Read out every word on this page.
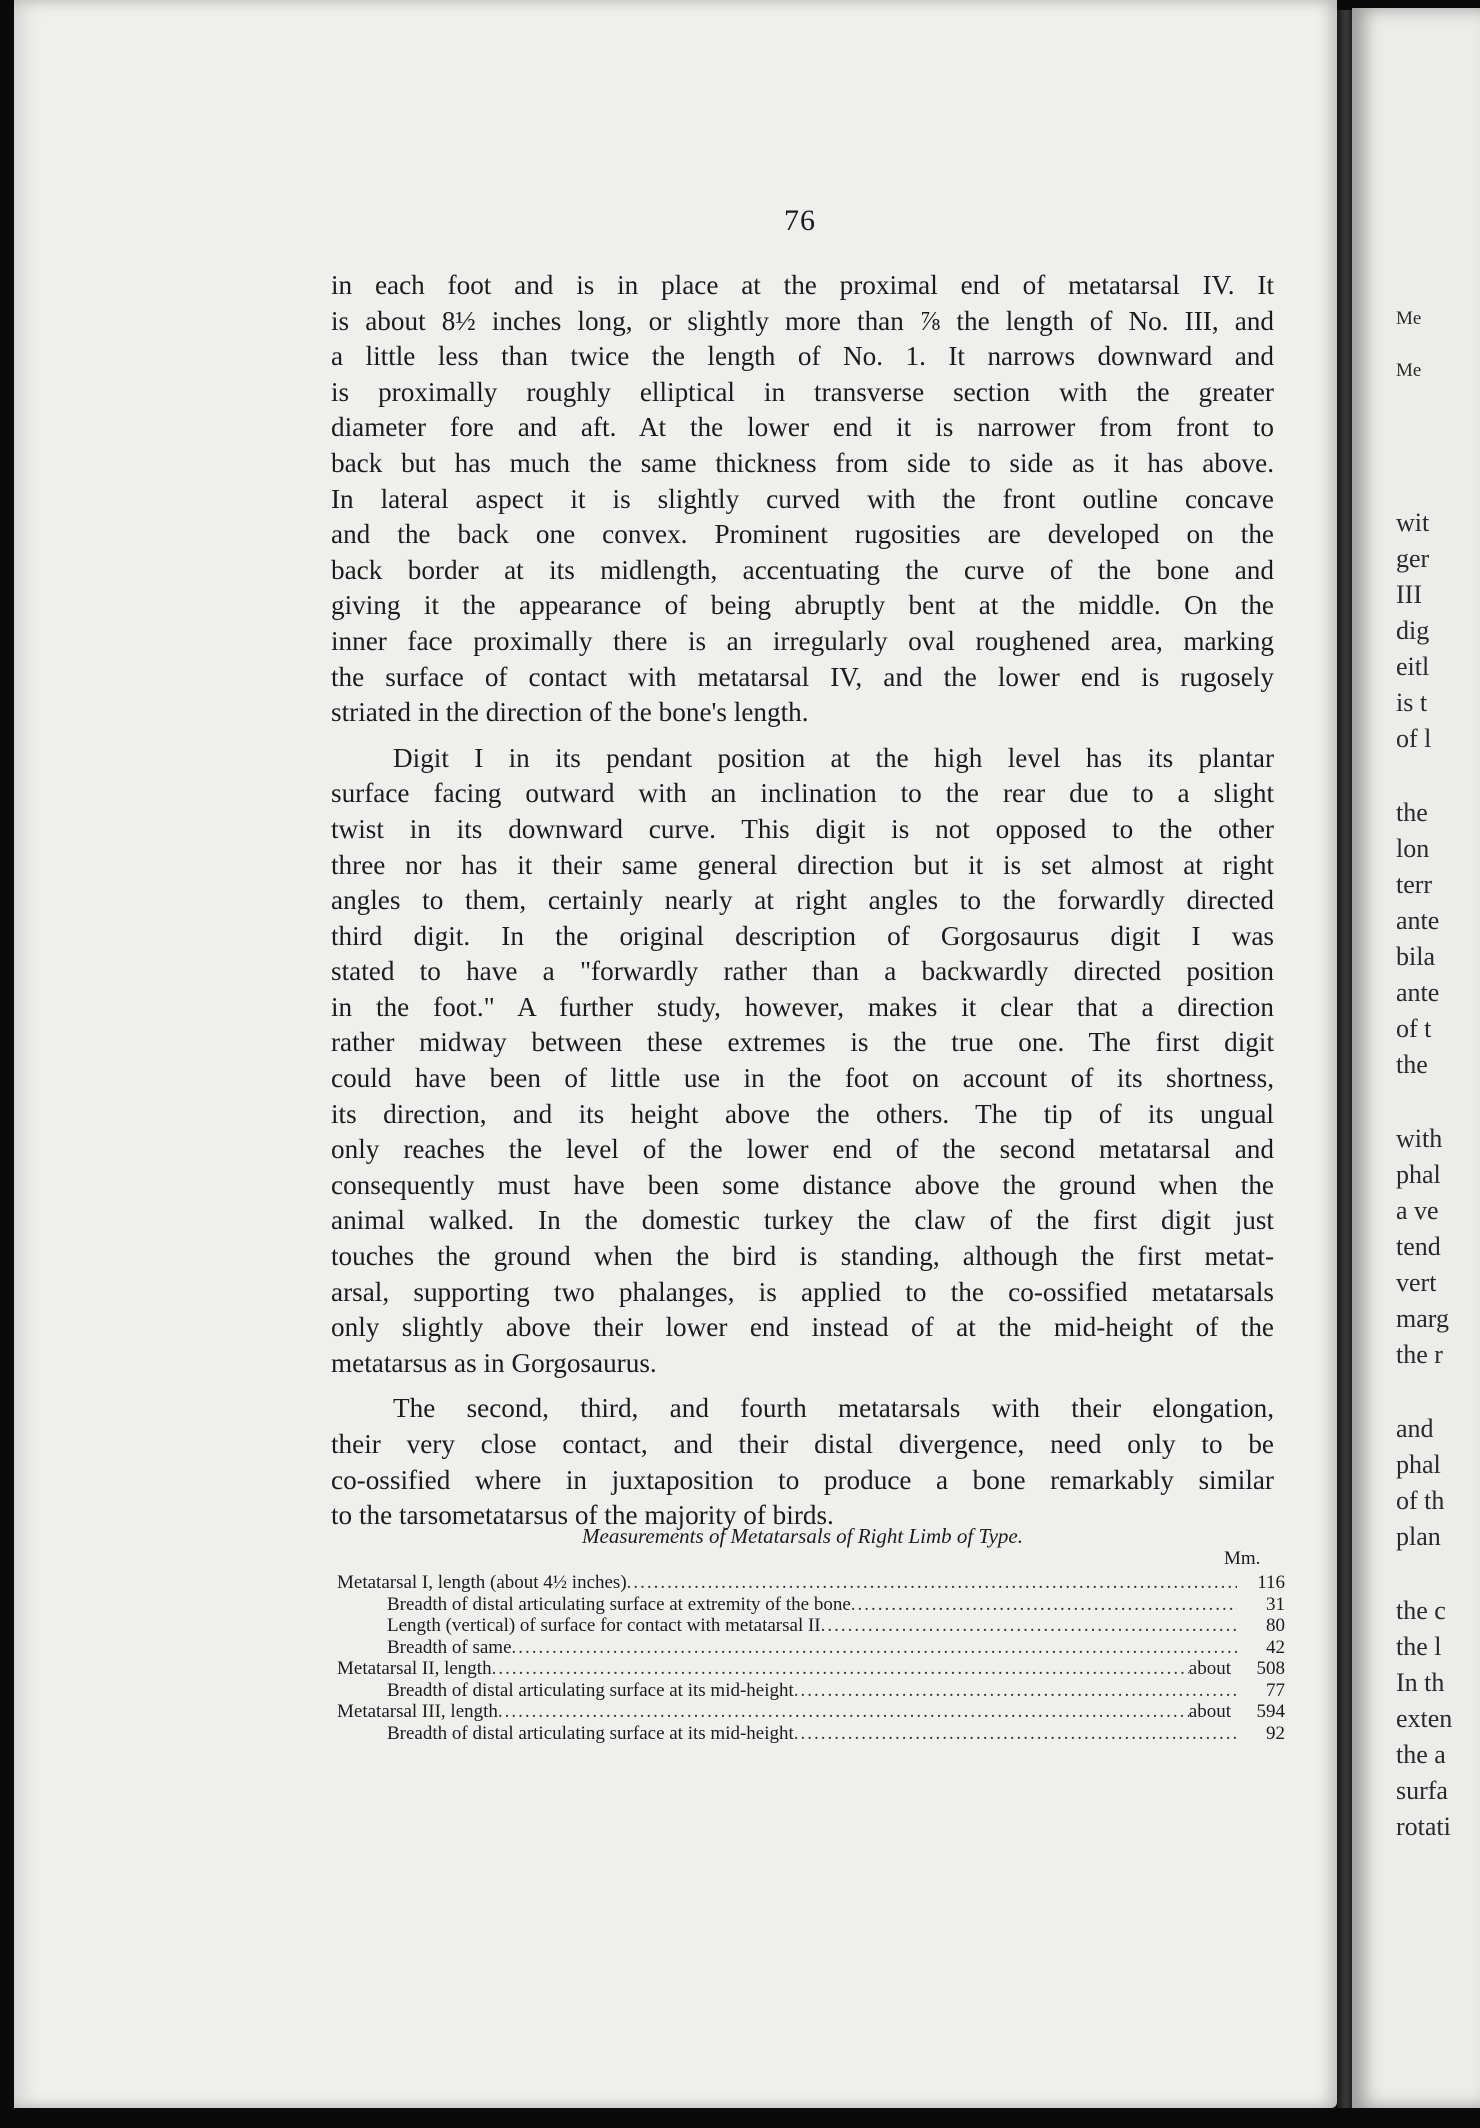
Me
Me
wit
ger
III
dig
eitl
is t
of l
the
lon
terr
ante
bila
ante
of t
the
with
phal
a ve
tend
vert
marg
the r
and
phal
of th
plan
the c
the l
In th
exten
the a
surfa
rotati
76

in each foot and is in place at the proximal end of metatarsal IV. It
is about 8½ inches long, or slightly more than ⅞ the length of No. III, and
a little less than twice the length of No. 1. It narrows downward and
is proximally roughly elliptical in transverse section with the greater
diameter fore and aft. At the lower end it is narrower from front to
back but has much the same thickness from side to side as it has above.
In lateral aspect it is slightly curved with the front outline concave
and the back one convex. Prominent rugosities are developed on the
back border at its midlength, accentuating the curve of the bone and
giving it the appearance of being abruptly bent at the middle. On the
inner face proximally there is an irregularly oval roughened area, marking
the surface of contact with metatarsal IV, and the lower end is rugosely
striated in the direction of the bone's length.

Digit I in its pendant position at the high level has its plantar
surface facing outward with an inclination to the rear due to a slight
twist in its downward curve. This digit is not opposed to the other
three nor has it their same general direction but it is set almost at right
angles to them, certainly nearly at right angles to the forwardly directed
third digit. In the original description of Gorgosaurus digit I was
stated to have a "forwardly rather than a backwardly directed position
in the foot." A further study, however, makes it clear that a direction
rather midway between these extremes is the true one. The first digit
could have been of little use in the foot on account of its shortness,
its direction, and its height above the others. The tip of its ungual
only reaches the level of the lower end of the second metatarsal and
consequently must have been some distance above the ground when the
animal walked. In the domestic turkey the claw of the first digit just
touches the ground when the bird is standing, although the first metat-
arsal, supporting two phalanges, is applied to the co-ossified metatarsals
only slightly above their lower end instead of at the mid-height of the
metatarsus as in Gorgosaurus.

The second, third, and fourth metatarsals with their elongation,
their very close contact, and their distal divergence, need only to be
co-ossified where in juxtaposition to produce a bone remarkably similar
to the tarsometatarsus of the majority of birds.

Measurements of Metatarsals of Right Limb of Type.
Mm.
Metatarsal I, length (about 4½ inches) .....	116
Breadth of distal articulating surface at extremity of the bone .....	31
Length (vertical) of surface for contact with metatarsal II .....	80
Breadth of same .....	42
Metatarsal II, length .....	about	508
Breadth of distal articulating surface at its mid-height .....	77
Metatarsal III, length .....	about	594
Breadth of distal articulating surface at its mid-height .....	92
